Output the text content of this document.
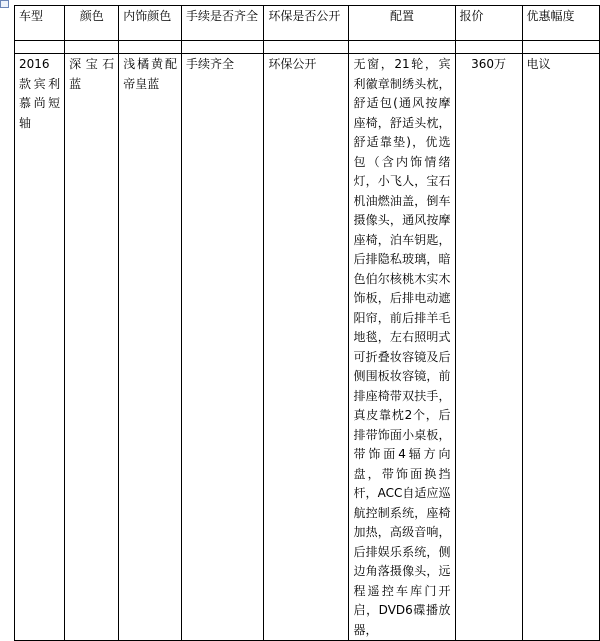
车型	颜色	内饰颜色	手续是否齐全	环保是否公开	配置	报价	优惠幅度

2016款宾利慕尚短轴	深宝石蓝	浅橘黄配帝皇蓝	手续齐全	环保公开	无窗，21轮，宾利徽章制绣头枕，舒适包(通风按摩座椅，舒适头枕，舒适靠垫)，优选包（含内饰情绪灯，小飞人，宝石机油燃油盖，倒车摄像头，通风按摩座椅，泊车钥匙，后排隐私玻璃，暗色伯尔核桃木实木饰板，后排电动遮阳帘，前后排羊毛地毯，左右照明式可折叠妆容镜及后侧围板妆容镜，前排座椅带双扶手，真皮靠枕2个，后排带饰面小桌板，带饰面4辐方向盘，带饰面换挡杆，ACC自适应巡航控制系统，座椅加热，高级音响，后排娱乐系统，侧边角落摄像头，远程遥控车库门开启，DVD6碟播放器，	360万	电议
